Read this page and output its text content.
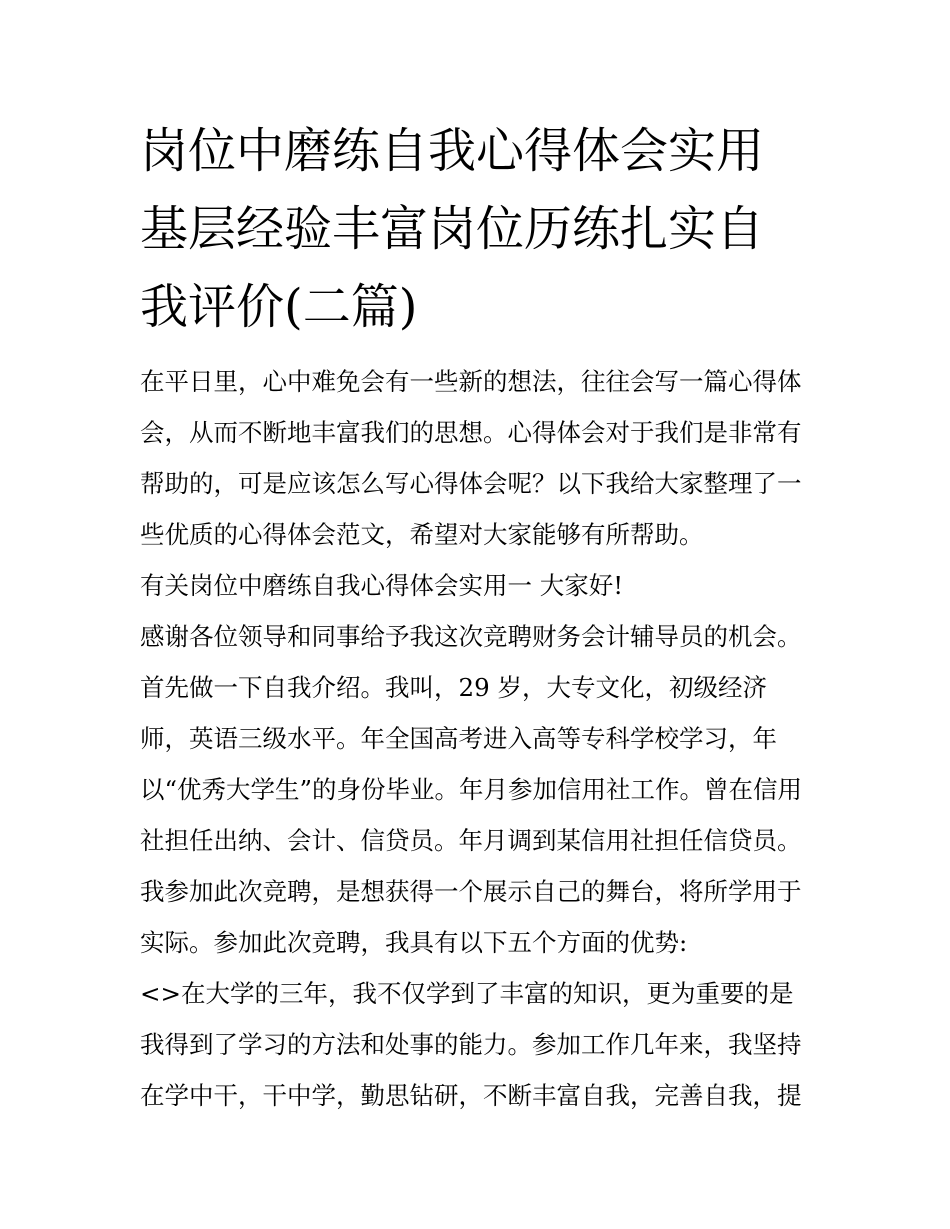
岗位中磨练自我心得体会实用
基层经验丰富岗位历练扎实自
我评价(二篇)

在平日里，心中难免会有一些新的想法，往往会写一篇心得体

会，从而不断地丰富我们的思想。心得体会对于我们是非常有

帮助的，可是应该怎么写心得体会呢？以下我给大家整理了一

些优质的心得体会范文，希望对大家能够有所帮助。

有关岗位中磨练自我心得体会实用一 大家好!

感谢各位领导和同事给予我这次竞聘财务会计辅导员的机会。

首先做一下自我介绍。我叫，29 岁，大专文化，初级经济

师，英语三级水平。年全国高考进入高等专科学校学习，年

以“优秀大学生”的身份毕业。年月参加信用社工作。曾在信用

社担任出纳、会计、信贷员。年月调到某信用社担任信贷员。

我参加此次竞聘，是想获得一个展示自己的舞台，将所学用于

实际。参加此次竞聘，我具有以下五个方面的优势:

<>在大学的三年，我不仅学到了丰富的知识，更为重要的是

我得到了学习的方法和处事的能力。参加工作几年来，我坚持

在学中干，干中学，勤思钻研，不断丰富自我，完善自我，提
